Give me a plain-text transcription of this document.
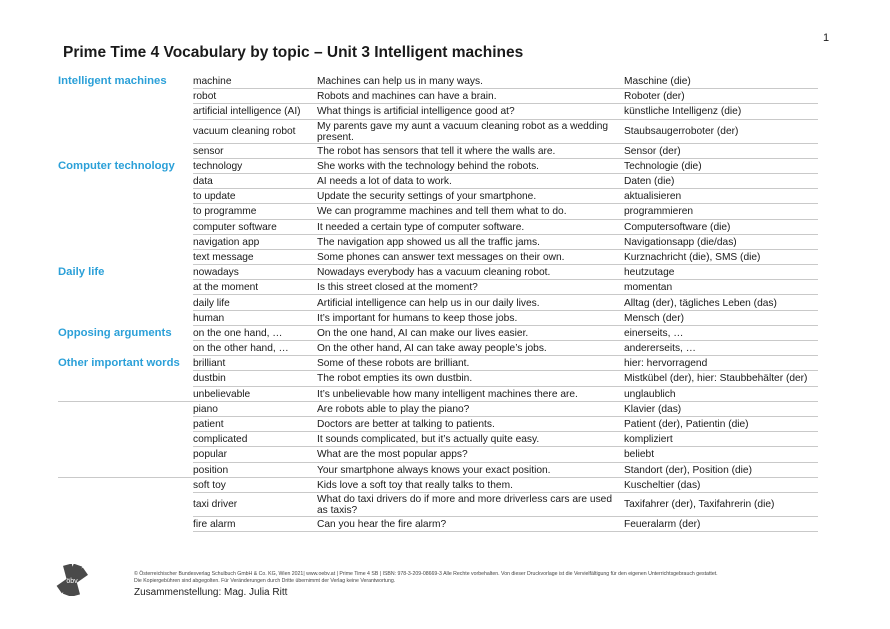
1
Prime Time 4 Vocabulary by topic – Unit 3 Intelligent machines
Intelligent machines	machine	Machines can help us in many ways.	Maschine (die)
robot	Robots and machines can have a brain.	Roboter (der)
artificial intelligence (AI)	What things is artificial intelligence good at?	künstliche Intelligenz (die)
vacuum cleaning robot	My parents gave my aunt a vacuum cleaning robot as a wedding present.	Staubsaugerroboter (der)
sensor	The robot has sensors that tell it where the walls are.	Sensor (der)
Computer technology	technology	She works with the technology behind the robots.	Technologie (die)
data	AI needs a lot of data to work.	Daten (die)
to update	Update the security settings of your smartphone.	aktualisieren
to programme	We can programme machines and tell them what to do.	programmieren
computer software	It needed a certain type of computer software.	Computersoftware (die)
navigation app	The navigation app showed us all the traffic jams.	Navigationsapp (die/das)
text message	Some phones can answer text messages on their own.	Kurznachricht (die), SMS (die)
Daily life	nowadays	Nowadays everybody has a vacuum cleaning robot.	heutzutage
at the moment	Is this street closed at the moment?	momentan
daily life	Artificial intelligence can help us in our daily lives.	Alltag (der), tägliches Leben (das)
human	It’s important for humans to keep those jobs.	Mensch (der)
Opposing arguments	on the one hand, …	On the one hand, AI can make our lives easier.	einerseits, …
on the other hand, …	On the other hand, AI can take away people’s jobs.	andererseits, …
Other important words	brilliant	Some of these robots are brilliant.	hier: hervorragend
dustbin	The robot empties its own dustbin.	Mistkübel (der), hier: Staubbehälter (der)
unbelievable	It’s unbelievable how many intelligent machines there are.	unglaublich
piano	Are robots able to play the piano?	Klavier (das)
patient	Doctors are better at talking to patients.	Patient (der), Patientin (die)
complicated	It sounds complicated, but it’s actually quite easy.	kompliziert
popular	What are the most popular apps?	beliebt
position	Your smartphone always knows your exact position.	Standort (der), Position (die)
soft toy	Kids love a soft toy that really talks to them.	Kuscheltier (das)
taxi driver	What do taxi drivers do if more and more driverless cars are used as taxis?	Taxifahrer (der), Taxifahrerin (die)
fire alarm	Can you hear the fire alarm?	Feueralarm (der)
öbv
© Österreichischer Bundesverlag Schulbuch GmbH & Co. KG, Wien 2021| www.oebv.at | Prime Time 4 SB | ISBN: 978-3-209-08669-3 Alle Rechte vorbehalten. Von dieser Druckvorlage ist die Vervielfältigung für den eigenen Unterrichtsgebrauch gestattet.
Die Kopiergebühren sind abgegolten. Für Veränderungen durch Dritte übernimmt der Verlag keine Verantwortung.
Zusammenstellung: Mag. Julia Ritt
